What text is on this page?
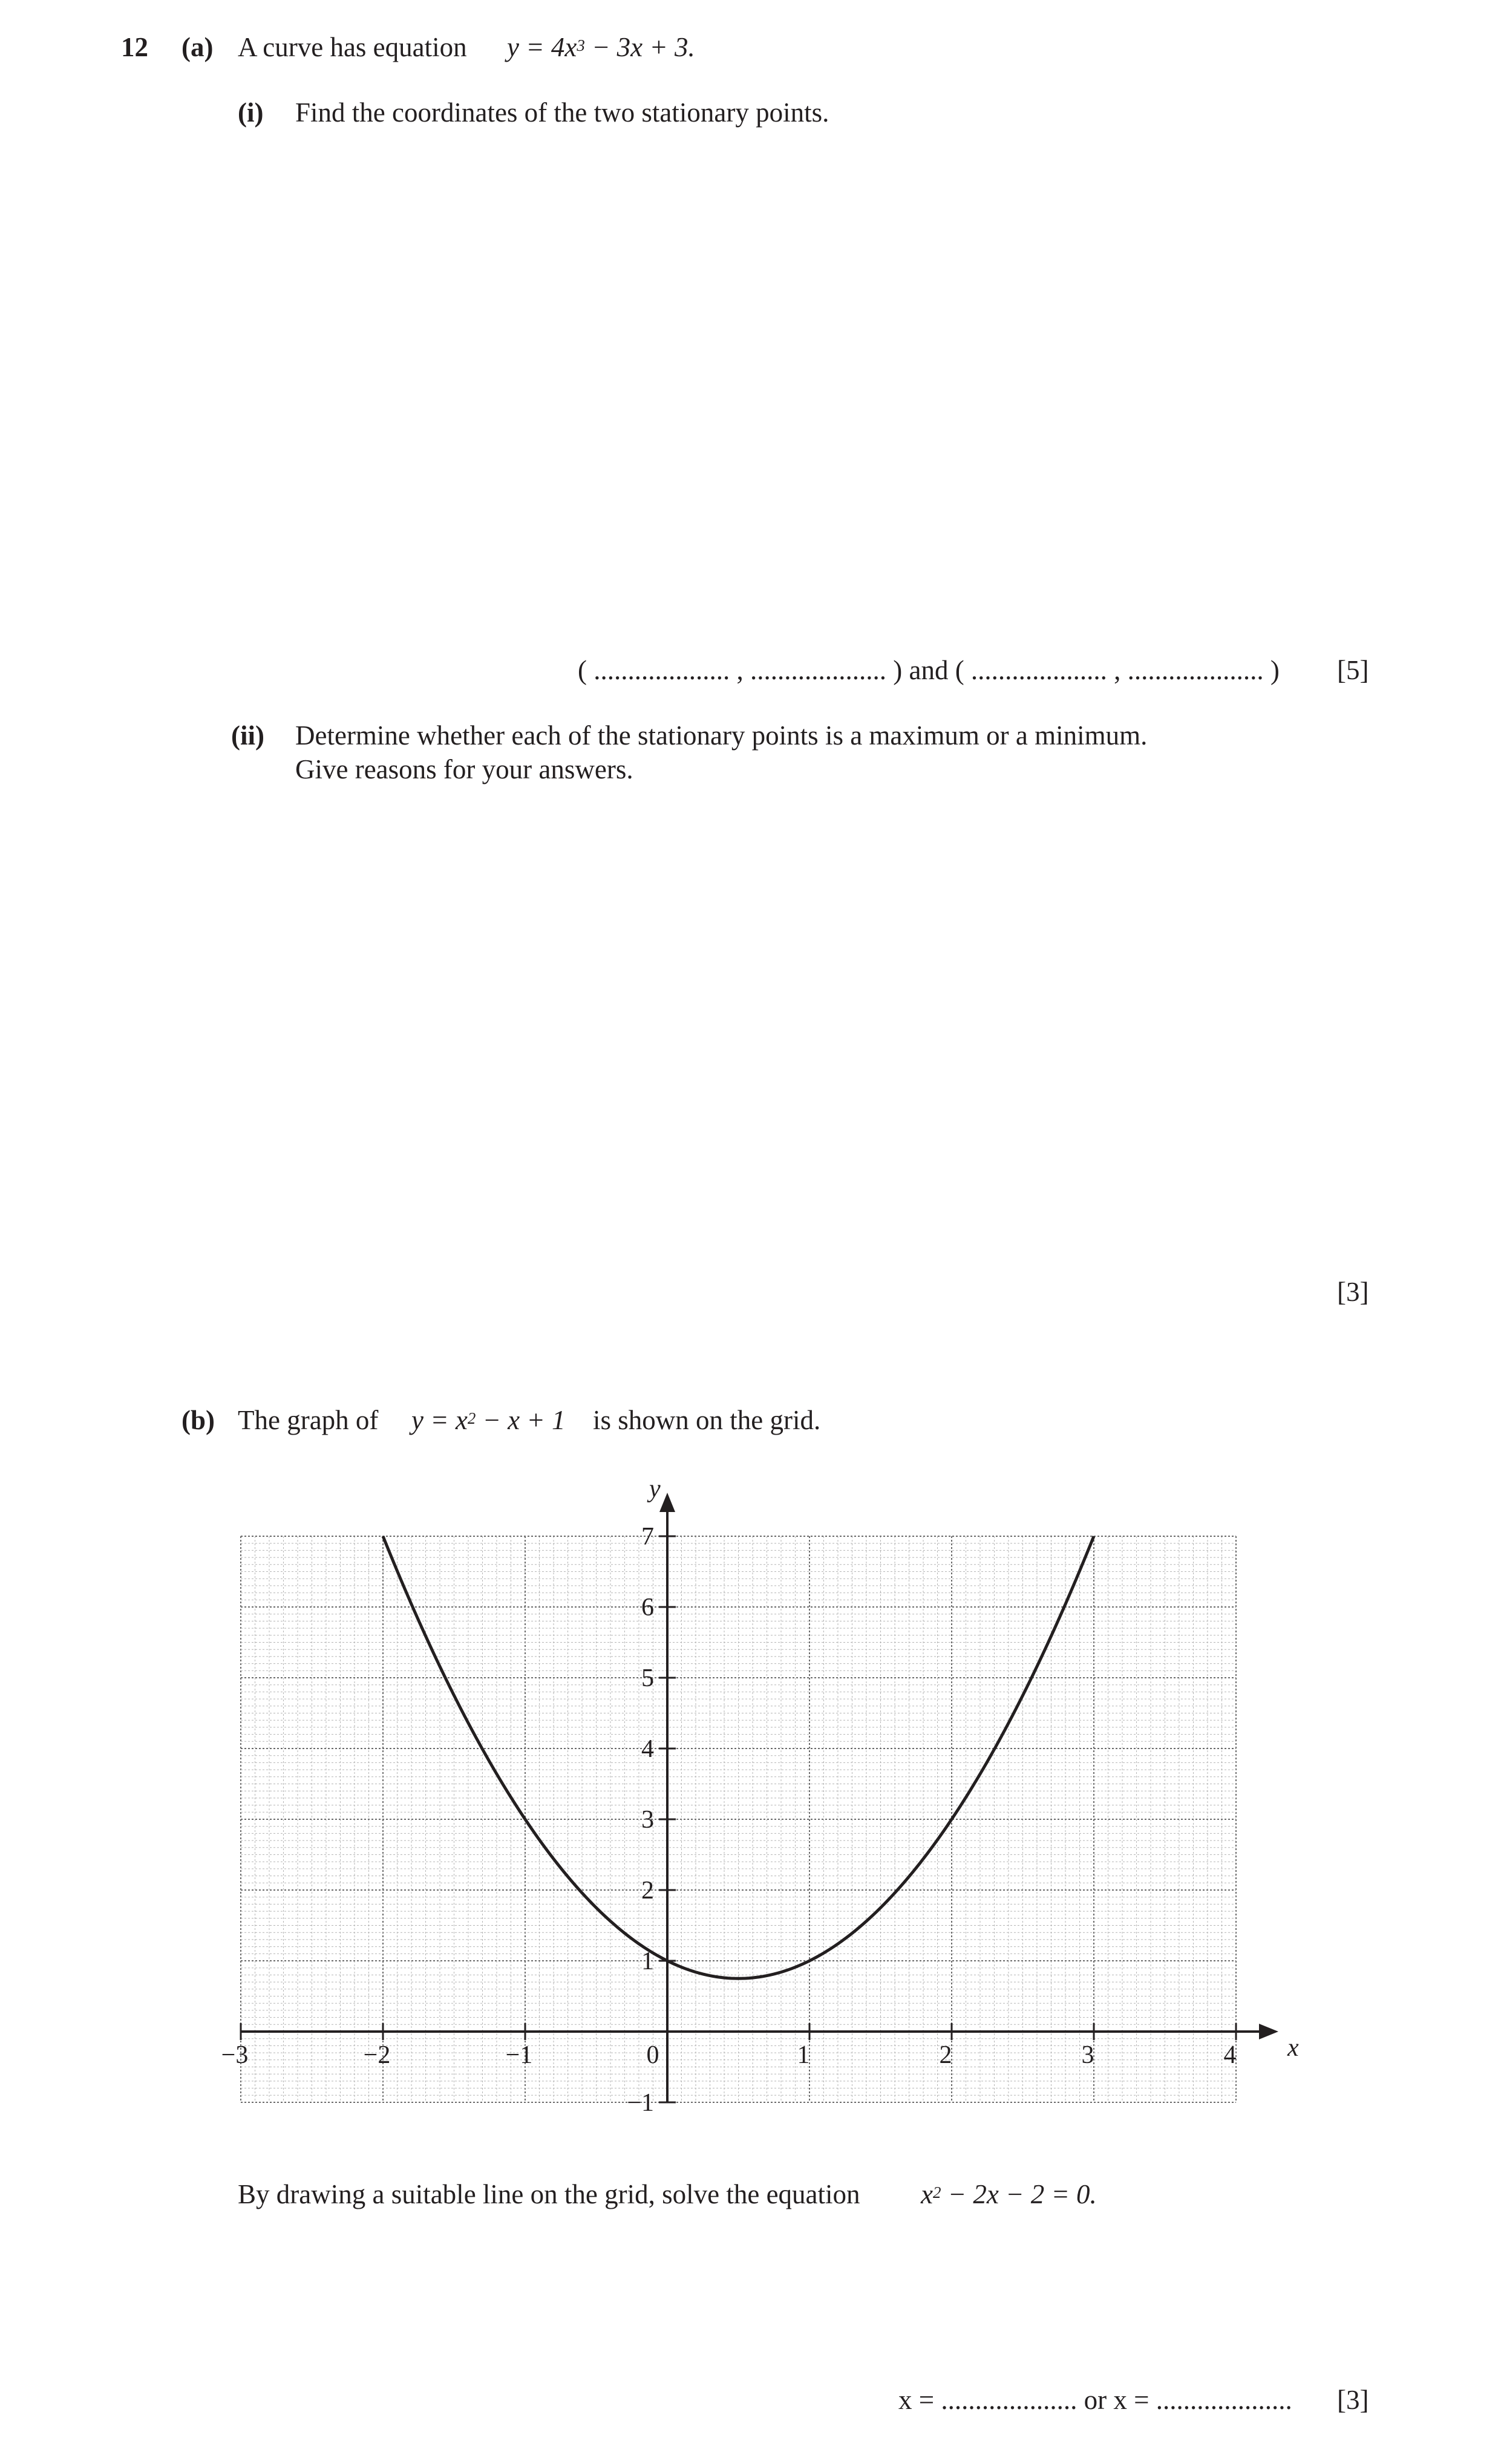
12 (a) A curve has equation $y = 4x^3 - 3x + 3$.
(i) Find the coordinates of the two stationary points.
( .................... , .................... ) and ( .................... , .................... ) [5]
(ii) Determine whether each of the stationary points is a maximum or a minimum.
Give reasons for your answers.
[3]
(b) The graph of $y = x^2 - x + 1$ is shown on the grid.
−3	−2	−1	0	1	2	3	4
−1
1
2
3
4
5
6
7
x
y
By drawing a suitable line on the grid, solve the equation $x^2 - 2x - 2 = 0$.
x = .................... or x = .................... [3]
